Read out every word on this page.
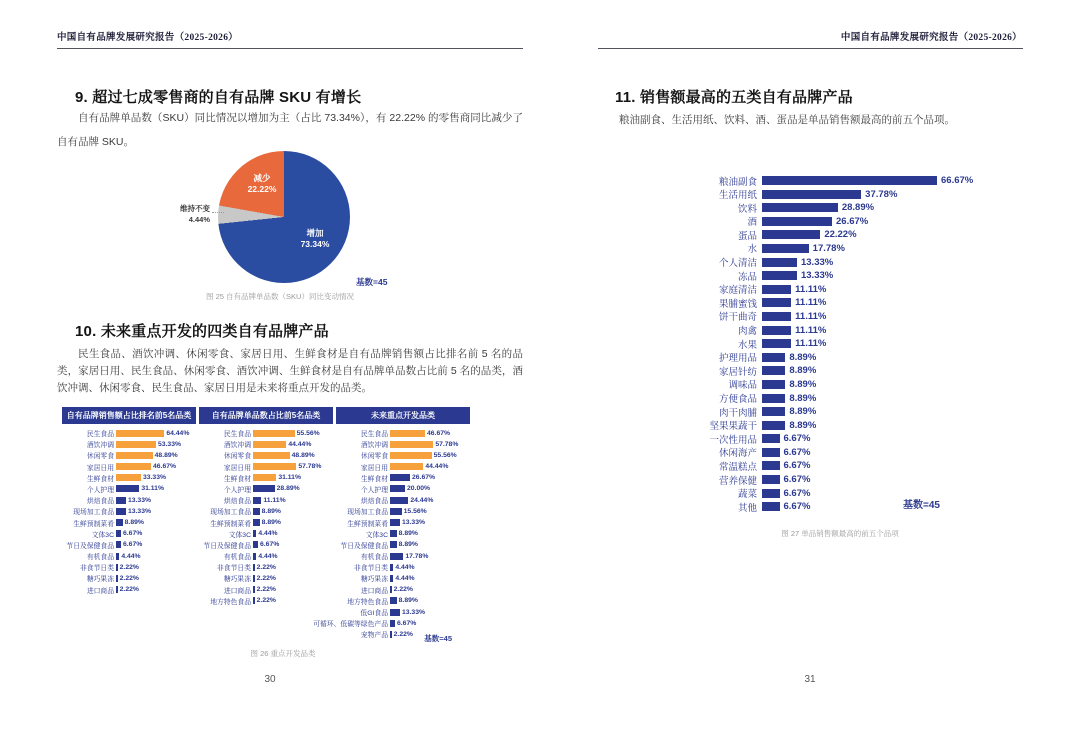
中国自有品牌发展研究报告（2025-2026）	中国自有品牌发展研究报告（2025-2026）
9. 超过七成零售商的自有品牌 SKU 有增长
自有品牌单品数（SKU）同比情况以增加为主（占比 73.34%），有 22.22% 的零售商同比减少了自有品牌 SKU。
增加
73.34%
维持不变
4.44%
减少
22.22%
基数=45
图 25 自有品牌单品数（SKU）同比变动情况
10. 未来重点开发的四类自有品牌产品
民生食品、酒饮冲调、休闲零食、家居日用、生鲜食材是自有品牌销售额占比排名前 5 名的品类，家居日用、民生食品、休闲零食、酒饮冲调、生鲜食材是自有品牌单品数占比前 5 名的品类，酒饮冲调、休闲零食、民生食品、家居日用是未来将重点开发的品类。
自有品牌销售额占比排名前5名品类
民生食品	64.44%
酒饮冲调	53.33%
休闲零食	48.89%
家居日用	46.67%
生鲜食材	33.33%
个人护理	31.11%
烘焙食品 13.33%
现场加工食品 13.33%
生鲜预制菜肴 8.89%
文体3C 6.67%
节日及保健食品 6.67%
有机食品 4.44%
非食节日类 2.22%
糖巧果冻 2.22%
进口商品 2.22%
自有品牌单品数占比前5名品类
民生食品	55.56%
酒饮冲调	44.44%
休闲零食	48.89%
家居日用	57.78%
生鲜食材	31.11%
个人护理	28.89%
烘焙食品 11.11%
现场加工食品 8.89%
生鲜预制菜肴 8.89%
文体3C 4.44%
节日及保健食品 6.67%
有机食品 4.44%
非食节日类 2.22%
糖巧果冻 2.22%
进口商品 2.22%
地方特色食品 2.22%
未来重点开发品类
民生食品	46.67%
酒饮冲调	57.78%
休闲零食	55.56%
家居日用	44.44%
生鲜食材	26.67%
个人护理	20.00%
烘焙食品	24.44%
现场加工食品 15.56%
生鲜预制菜肴 13.33%
文体3C 8.89%
节日及保健食品 8.89%
有机食品	17.78%
非食节日类 4.44%
糖巧果冻 4.44%
进口商品 2.22%
地方特色食品 8.89%
低GI食品 13.33%
可循环、低碳等绿色产品 6.67%
宠物产品 2.22%	基数=45
图 26 重点开发品类
30
11. 销售额最高的五类自有品牌产品
粮油副食、生活用纸、饮料、酒、蛋品是单品销售额最高的前五个品项。
粮油副食	66.67%
生活用纸	37.78%
饮料	28.89%
酒	26.67%
蛋品	22.22%
水	17.78%
个人清洁	13.33%
冻品	13.33%
家庭清洁	11.11%
果脯蜜饯	11.11%
饼干曲奇	11.11%
肉禽	11.11%
水果	11.11%
护理用品	8.89%
家居针纺	8.89%
调味品	8.89%
方便食品	8.89%
肉干肉脯	8.89%
坚果果蔬干	8.89%
一次性用品	6.67%
休闲海产	6.67%
常温糕点	6.67%
营养保健	6.67%
蔬菜	6.67%
其他	6.67%	基数=45
图 27 单品销售额最高的前五个品项
31
